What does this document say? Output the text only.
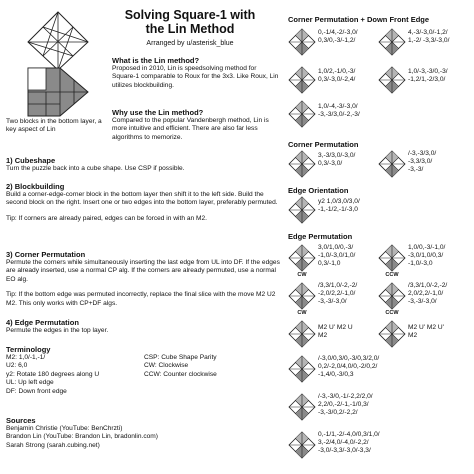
Two blocks in the bottom layer, a key aspect of Lin
Solving Square-1 with
the Lin Method
Arranged by u/asterisk_blue
What is the Lin method?

Proposed in 2010, Lin is speedsolving method for Square-1 comparable to Roux for the 3x3. Like Roux, Lin utilizes blockbuilding.

Why use the Lin method?

Compared to the popular Vandenbergh method, Lin is more intuitive and efficient. There are also far less algorithms to memorize.

1) Cubeshape

Turn the puzzle back into a cube shape. Use CSP if possible.

2) Blockbuilding

Build a corner-edge-corner block in the bottom layer then shift it to the left side. Build the second block on the right. Insert one or two edges into the bottom layer, preferably permuted.

Tip: If corners are already paired, edges can be forced in with an M2.

3) Corner Permutation

Permute the corners while simultaneously inserting the last edge from UL into DF. If the edges are already inserted, use a normal CP alg. If the corners are already permuted, use a normal EO alg.

Tip: If the bottom edge was permuted incorrectly, replace the final slice with the move M2 U2 M2. This only works with CP+DF algs.

4) Edge Permutation

Permute the edges in the top layer.

Terminology
M2: 1,0/-1,-1/
U2: 6,0
y2: Rotate 180 degrees along U
UL: Up left edge
DF: Down front edge
CSP: Cube Shape Parity
CW: Clockwise
CCW: Counter clockwise
Sources
Benjamin Christie (YouTube: BenChrzti)
Brandon Lin (YouTube: Brandon Lin, bradonlin.com)
Sarah Strong (sarah.cubing.net)
Corner Permutation + Down Front Edge
0,-1/4,-2/-3,0/
0,3/0,-3/-1,2/
4,-3/-3,0/-1,2/
1,-2/ -3,3/-3,0/
1,0/2,-1/0,-3/
0,3/-3,0/-2,4/
1,0/-3,-3/0,-3/
-1,2/1,-2/3,0/
1,0/-4,-3/-3,0/
-3,-3/3,0/-2,-3/
Corner Permutation
3,-3/3,0/-3,0/
0,3/-3,0/
/-3,-3/3,0/
-3,3/3,0/
-3,-3/
Edge Orientation
y2 1,0/3,0/3,0/
-1,-1/2,-1/-3,0
Edge Permutation
CW
3,0/1,0/0,-3/
-1,0/-3,0/1,0/
0,3/-1,0
CCW
1,0/0,-3/-1,0/
-3,0/1,0/0,3/
-1,0/-3,0
CW
/3,3/1,0/-2,-2/
-2,0/2,2/-1,0/
-3,-3/-3,0/
CCW
/3,3/1,0/-2,-2/
2,0/2,2/-1,0/
-3,-3/-3,0/
M2 U' M2 U
M2
M2 U' M2 U'
M2
/-3,0/0,3/0,-3/0,3/2,0/
0,2/-2,0/4,0/0,-2/0,2/
-1,4/0,-3/0,3
/-3,-3/0,-1/-2,2/2,0/
2,2/0,-2/-1,-1/0,3/
-3,-3/0,2/-2,2/
0,-1/1,-2/-4,0/0,3/1,0/
3,-2/4,0/-4,0/-2,2/
-3,0/-3,3/-3,0/-3,3/
